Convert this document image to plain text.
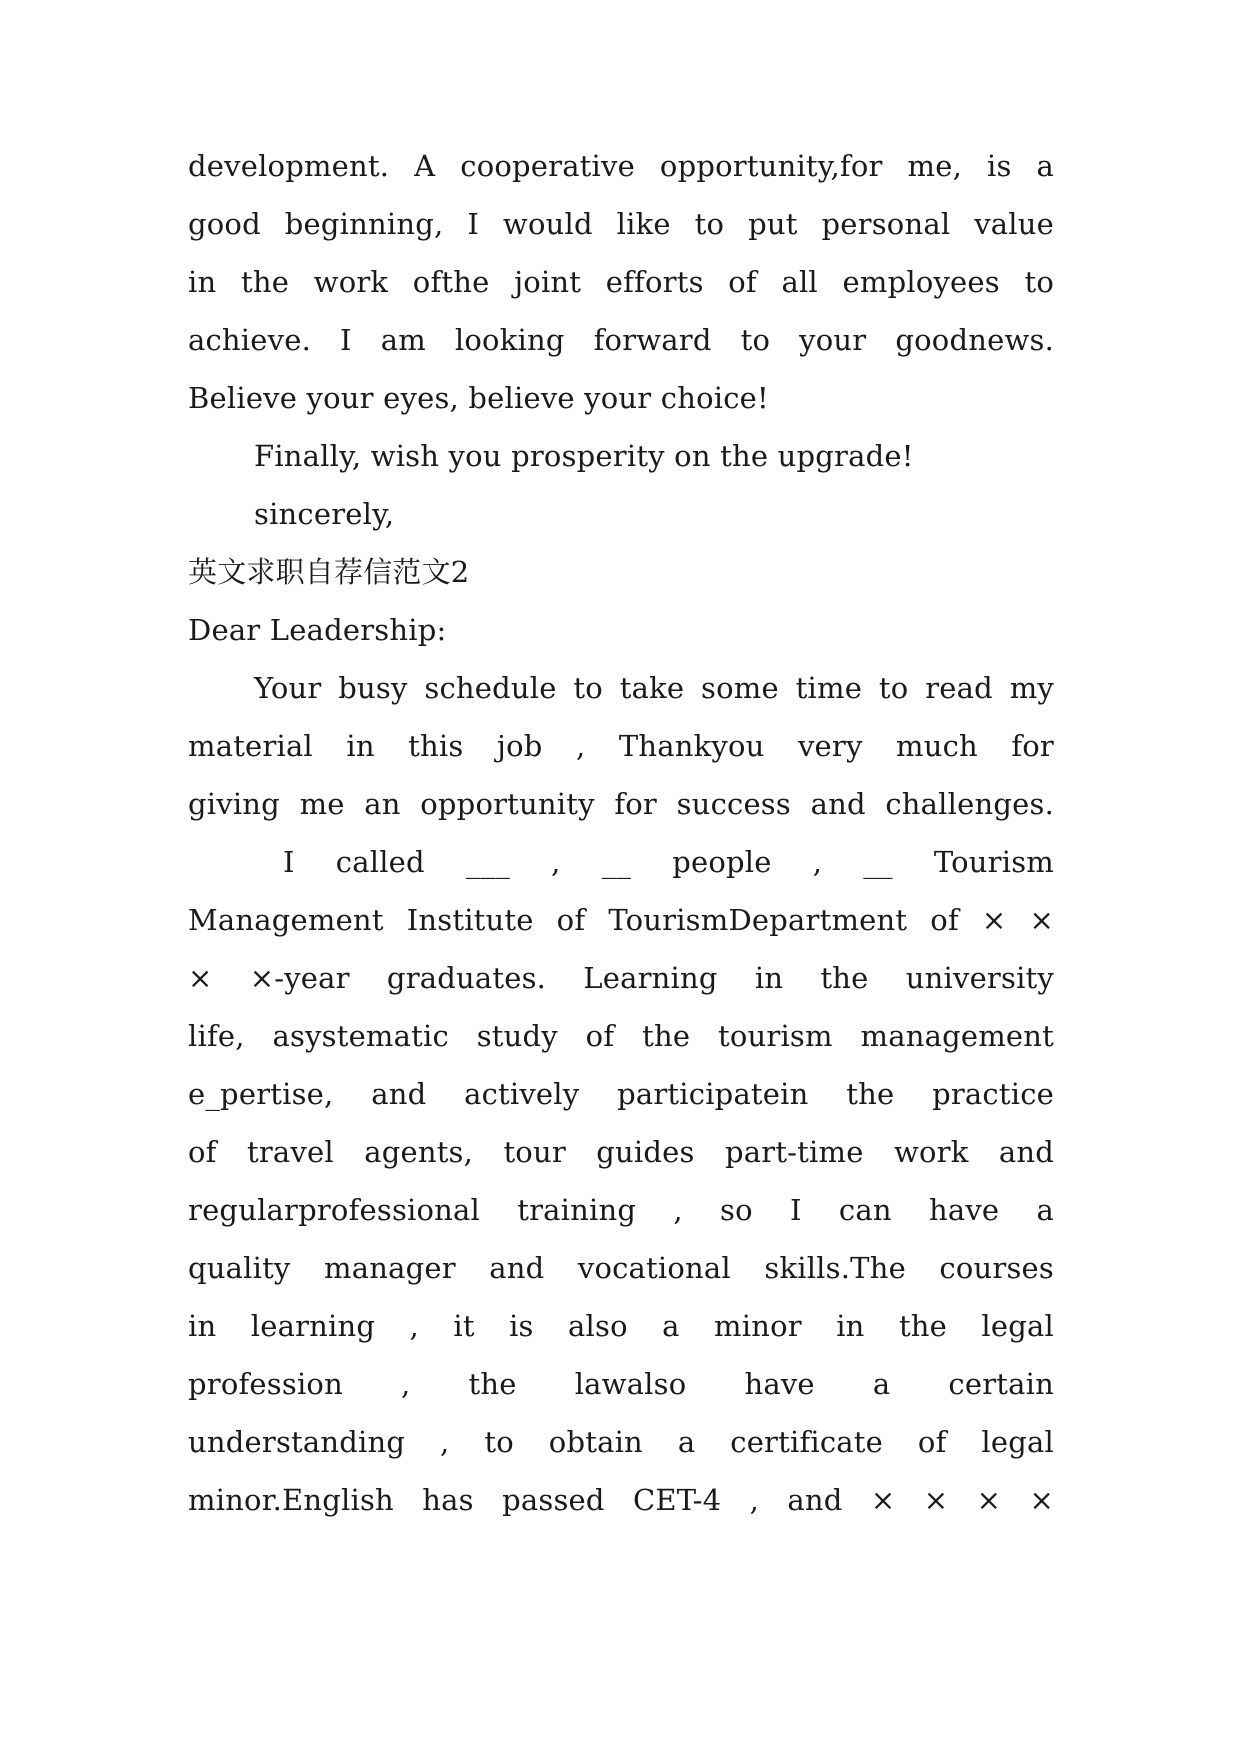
development. A cooperative opportunity,for me, is a
good beginning, I would like to put personal value
in the work ofthe joint efforts of all employees to
achieve. I am looking forward to your goodnews.
Believe your eyes, believe your choice!
Finally, wish you prosperity on the upgrade!
sincerely,
英文求职自荐信范文2
Dear Leadership:
Your busy schedule to take some time to read my
material in this job , Thankyou very much for
giving me an opportunity for success and challenges.
I called ___ , __ people , __ Tourism
Management Institute of TourismDepartment of × ×
× ×-year graduates. Learning in the university
life, asystematic study of the tourism management
e_pertise, and actively participatein the practice
of travel agents, tour guides part-time work and
regularprofessional training , so I can have a
quality manager and vocational skills.The courses
in learning , it is also a minor in the legal
profession , the lawalso have a certain
understanding , to obtain a certificate of legal
minor.English has passed CET-4 , and × × × ×
